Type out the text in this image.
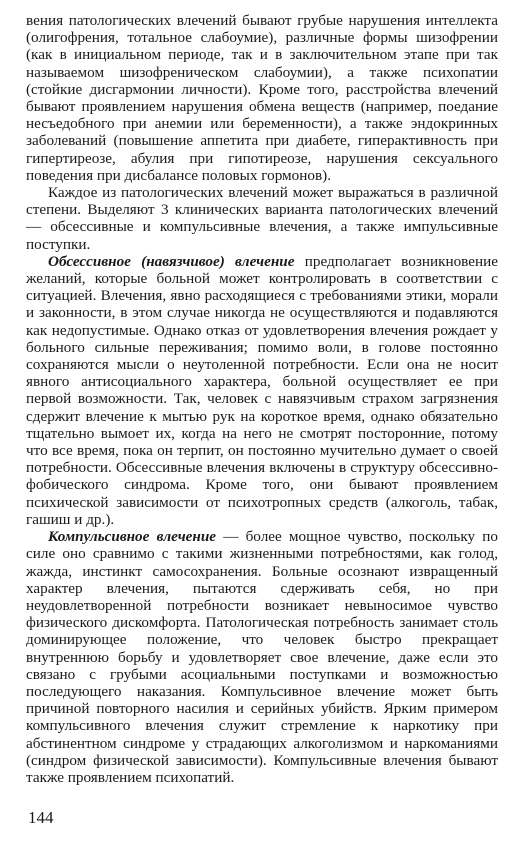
вения патологических влечений бывают грубые нарушения интеллекта (олигофрения, тотальное слабоумие), различные формы шизофрении (как в инициальном периоде, так и в заключительном этапе при так называемом шизофреническом слабоумии), а также психопатии (стойкие дисгармонии личности). Кроме того, расстройства влечений бывают проявлением нарушения обмена веществ (например, поедание несъедобного при анемии или беременности), а также эндокринных заболеваний (повышение аппетита при диабете, гиперактивность при гипертиреозе, абулия при гипотиреозе, нарушения сексуального поведения при дисбалансе половых гормонов).

Каждое из патологических влечений может выражаться в различной степени. Выделяют 3 клинических варианта патологических влечений — обсессивные и компульсивные влечения, а также импульсивные поступки.

Обсессивное (навязчивое) влечение предполагает возникновение желаний, которые больной может контролировать в соответствии с ситуацией. Влечения, явно расходящиеся с требованиями этики, морали и законности, в этом случае никогда не осуществляются и подавляются как недопустимые. Однако отказ от удовлетворения влечения рождает у больного сильные переживания; помимо воли, в голове постоянно сохраняются мысли о неутоленной потребности. Если она не носит явного антисоциального характера, больной осуществляет ее при первой возможности. Так, человек с навязчивым страхом загрязнения сдержит влечение к мытью рук на короткое время, однако обязательно тщательно вымоет их, когда на него не смотрят посторонние, потому что все время, пока он терпит, он постоянно мучительно думает о своей потребности. Обсессивные влечения включены в структуру обсессивно-фобического синдрома. Кроме того, они бывают проявлением психической зависимости от психотропных средств (алкоголь, табак, гашиш и др.).

Компульсивное влечение — более мощное чувство, поскольку по силе оно сравнимо с такими жизненными потребностями, как голод, жажда, инстинкт самосохранения. Больные осознают извращенный характер влечения, пытаются сдерживать себя, но при неудовлетворенной потребности возникает невыносимое чувство физического дискомфорта. Патологическая потребность занимает столь доминирующее положение, что человек быстро прекращает внутреннюю борьбу и удовлетворяет свое влечение, даже если это связано с грубыми асоциальными поступками и возможностью последующего наказания. Компульсивное влечение может быть причиной повторного насилия и серийных убийств. Ярким примером компульсивного влечения служит стремление к наркотику при абстинентном синдроме у страдающих алкоголизмом и наркоманиями (синдром физической зависимости). Компульсивные влечения бывают также проявлением психопатий.

144
